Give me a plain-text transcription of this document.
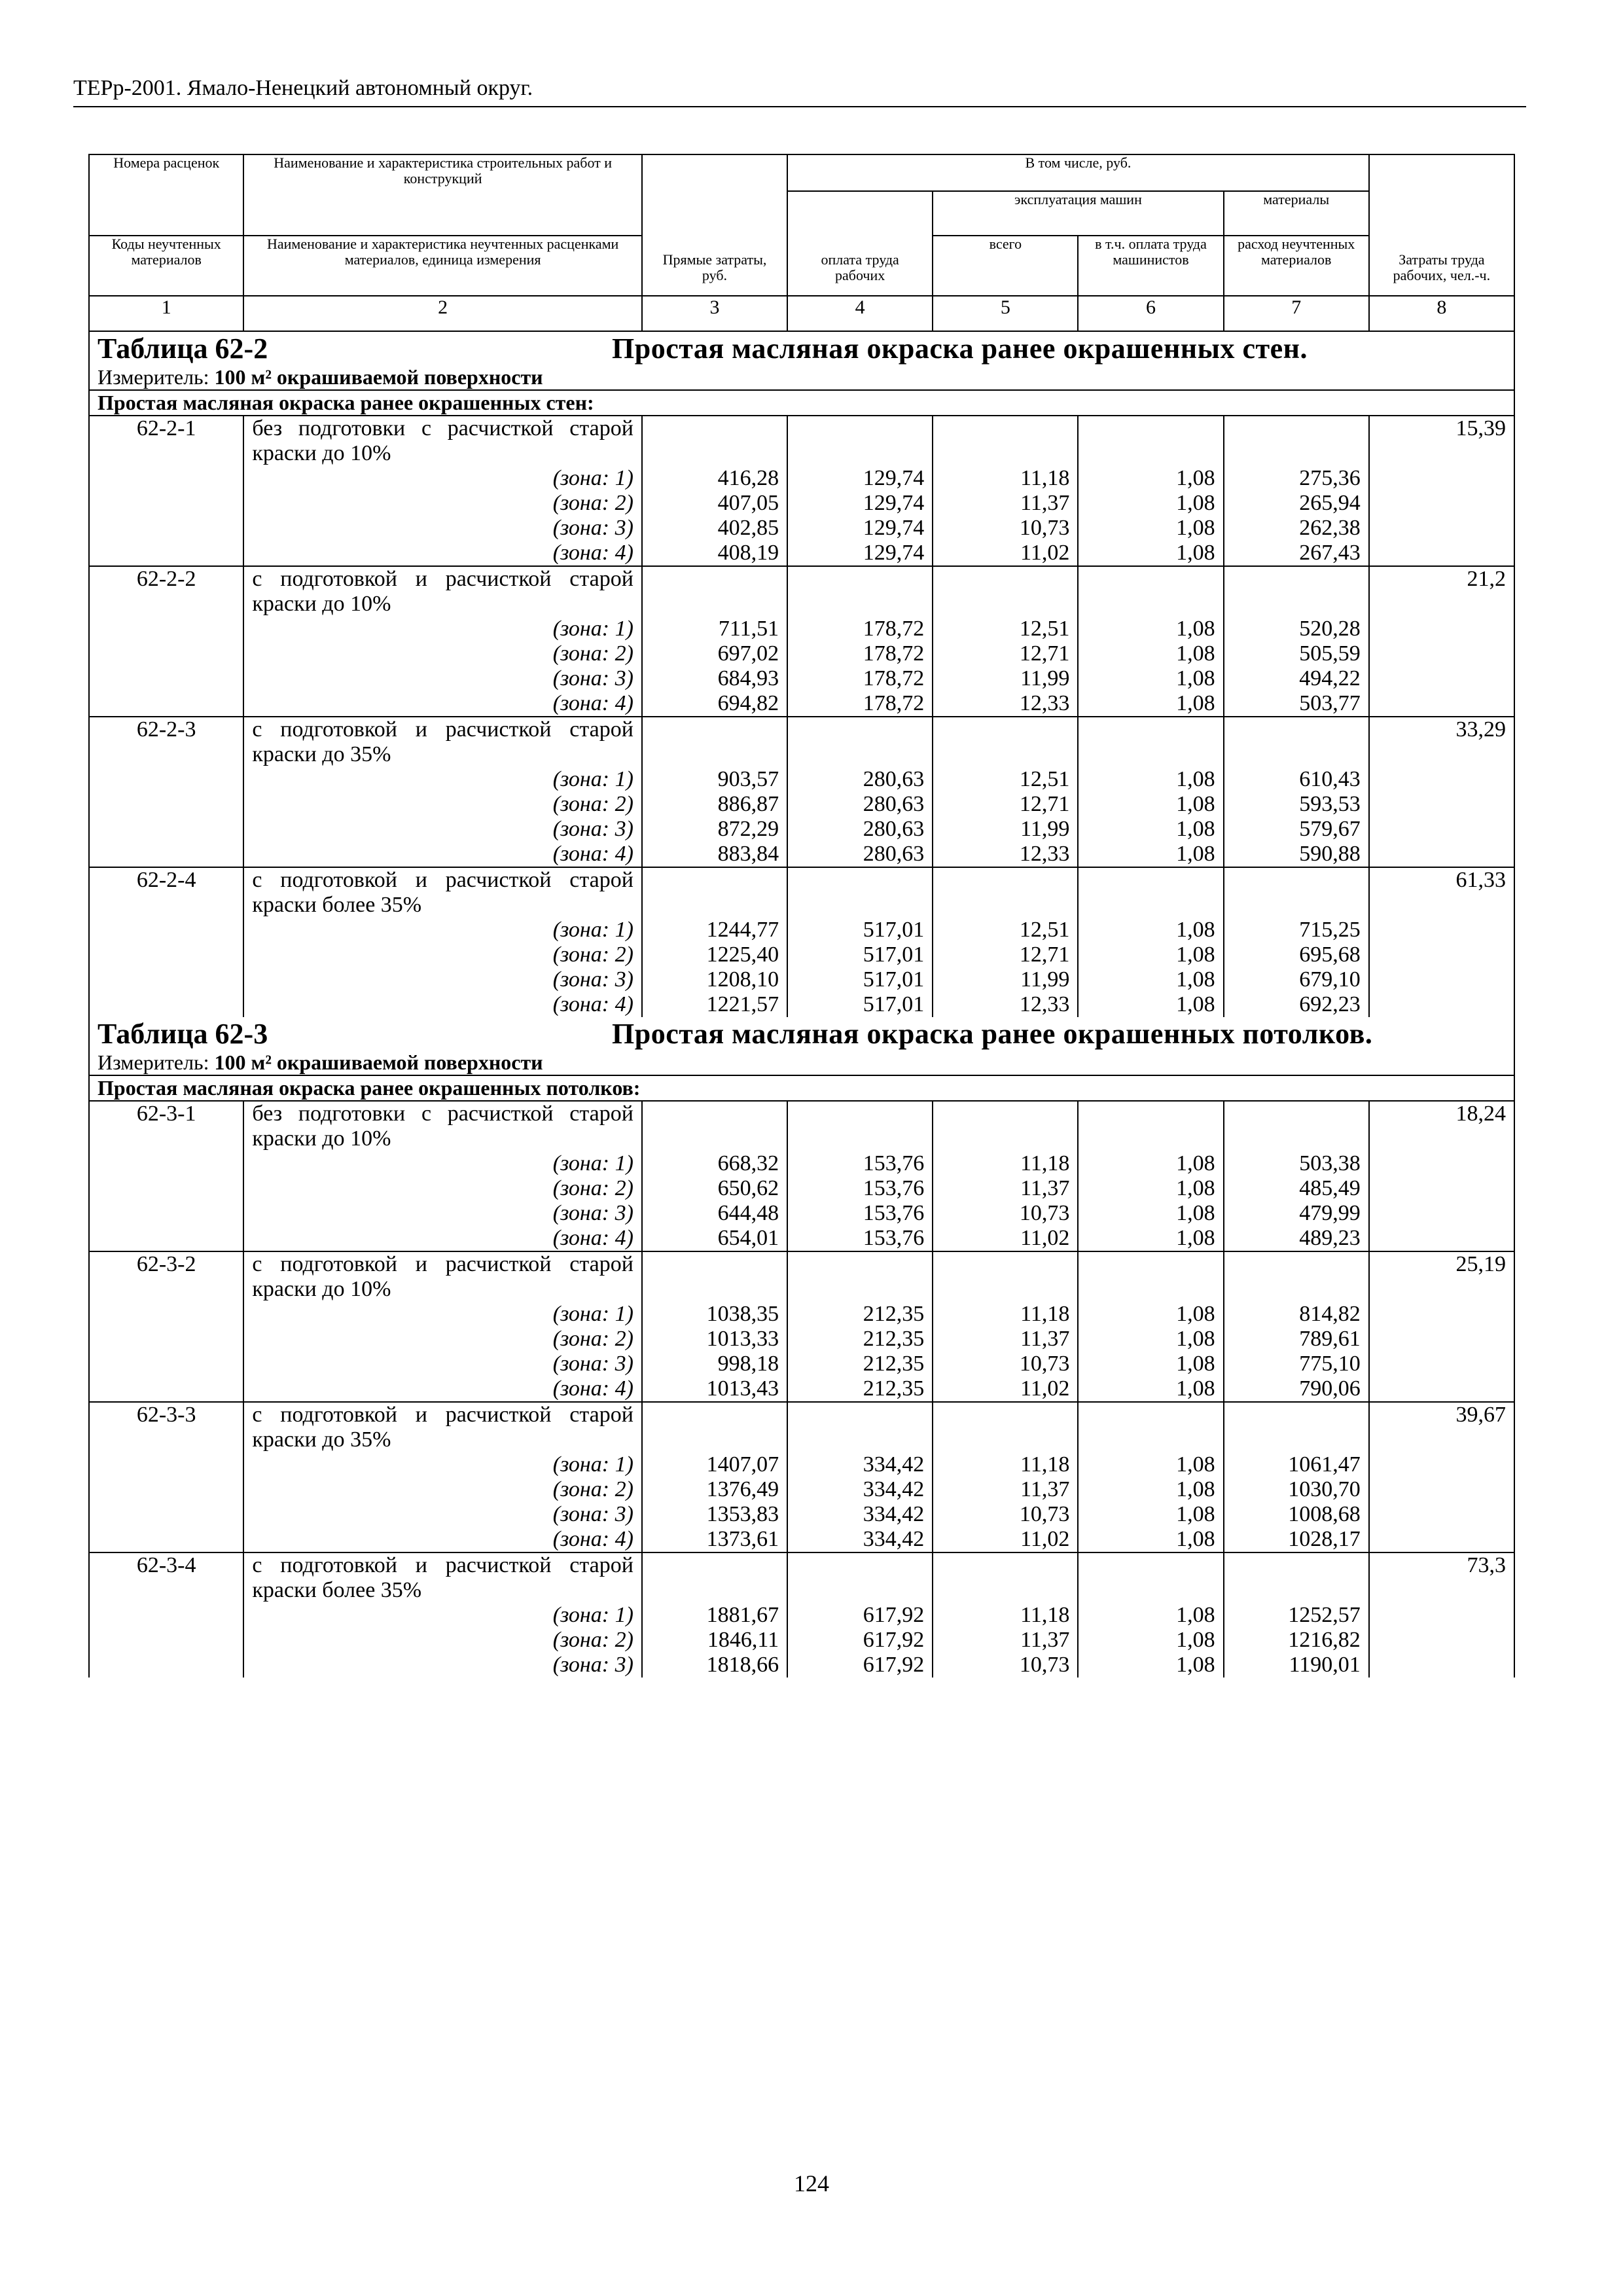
ТЕРр-2001. Ямало-Ненецкий автономный округ.
Номера расценок	Наименование и характеристика строительных работ и конструкций	Прямые затраты, руб.	В том числе, руб.				Затраты труда рабочих, чел.-ч.
			оплата труда рабочих	эксплуатация машин		материалы	
Коды неучтенных материалов	Наименование и характеристика неучтенных расценками материалов, единица измерения			всего	в т.ч. оплата труда машинистов	расход неучтенных материалов	
1	2	3	4	5	6	7	8
Таблица 62-2 Простая масляная окраска ранее окрашенных стен.							
Измеритель: 100 м² окрашиваемой поверхности							
Простая масляная окраска ранее окрашенных стен:							
62-2-1	без подготовки с расчисткой старой краски до 10%						15,39
	(зона: 1)	416,28	129,74	11,18	1,08	275,36	
	(зона: 2)	407,05	129,74	11,37	1,08	265,94	
	(зона: 3)	402,85	129,74	10,73	1,08	262,38	
	(зона: 4)	408,19	129,74	11,02	1,08	267,43	
62-2-2	с подготовкой и расчисткой старой краски до 10%						21,2
	(зона: 1)	711,51	178,72	12,51	1,08	520,28	
	(зона: 2)	697,02	178,72	12,71	1,08	505,59	
	(зона: 3)	684,93	178,72	11,99	1,08	494,22	
	(зона: 4)	694,82	178,72	12,33	1,08	503,77	
62-2-3	с подготовкой и расчисткой старой краски до 35%						33,29
	(зона: 1)	903,57	280,63	12,51	1,08	610,43	
	(зона: 2)	886,87	280,63	12,71	1,08	593,53	
	(зона: 3)	872,29	280,63	11,99	1,08	579,67	
	(зона: 4)	883,84	280,63	12,33	1,08	590,88	
62-2-4	с подготовкой и расчисткой старой краски более 35%						61,33
	(зона: 1)	1244,77	517,01	12,51	1,08	715,25	
	(зона: 2)	1225,40	517,01	12,71	1,08	695,68	
	(зона: 3)	1208,10	517,01	11,99	1,08	679,10	
	(зона: 4)	1221,57	517,01	12,33	1,08	692,23	
Таблица 62-3 Простая масляная окраска ранее окрашенных потолков.							
Измеритель: 100 м² окрашиваемой поверхности							
Простая масляная окраска ранее окрашенных потолков:							
62-3-1	без подготовки с расчисткой старой краски до 10%						18,24
	(зона: 1)	668,32	153,76	11,18	1,08	503,38	
	(зона: 2)	650,62	153,76	11,37	1,08	485,49	
	(зона: 3)	644,48	153,76	10,73	1,08	479,99	
	(зона: 4)	654,01	153,76	11,02	1,08	489,23	
62-3-2	с подготовкой и расчисткой старой краски до 10%						25,19
	(зона: 1)	1038,35	212,35	11,18	1,08	814,82	
	(зона: 2)	1013,33	212,35	11,37	1,08	789,61	
	(зона: 3)	998,18	212,35	10,73	1,08	775,10	
	(зона: 4)	1013,43	212,35	11,02	1,08	790,06	
62-3-3	с подготовкой и расчисткой старой краски до 35%						39,67
	(зона: 1)	1407,07	334,42	11,18	1,08	1061,47	
	(зона: 2)	1376,49	334,42	11,37	1,08	1030,70	
	(зона: 3)	1353,83	334,42	10,73	1,08	1008,68	
	(зона: 4)	1373,61	334,42	11,02	1,08	1028,17	
62-3-4	с подготовкой и расчисткой старой краски более 35%						73,3
	(зона: 1)	1881,67	617,92	11,18	1,08	1252,57	
	(зона: 2)	1846,11	617,92	11,37	1,08	1216,82	
	(зона: 3)	1818,66	617,92	10,73	1,08	1190,01	
124
